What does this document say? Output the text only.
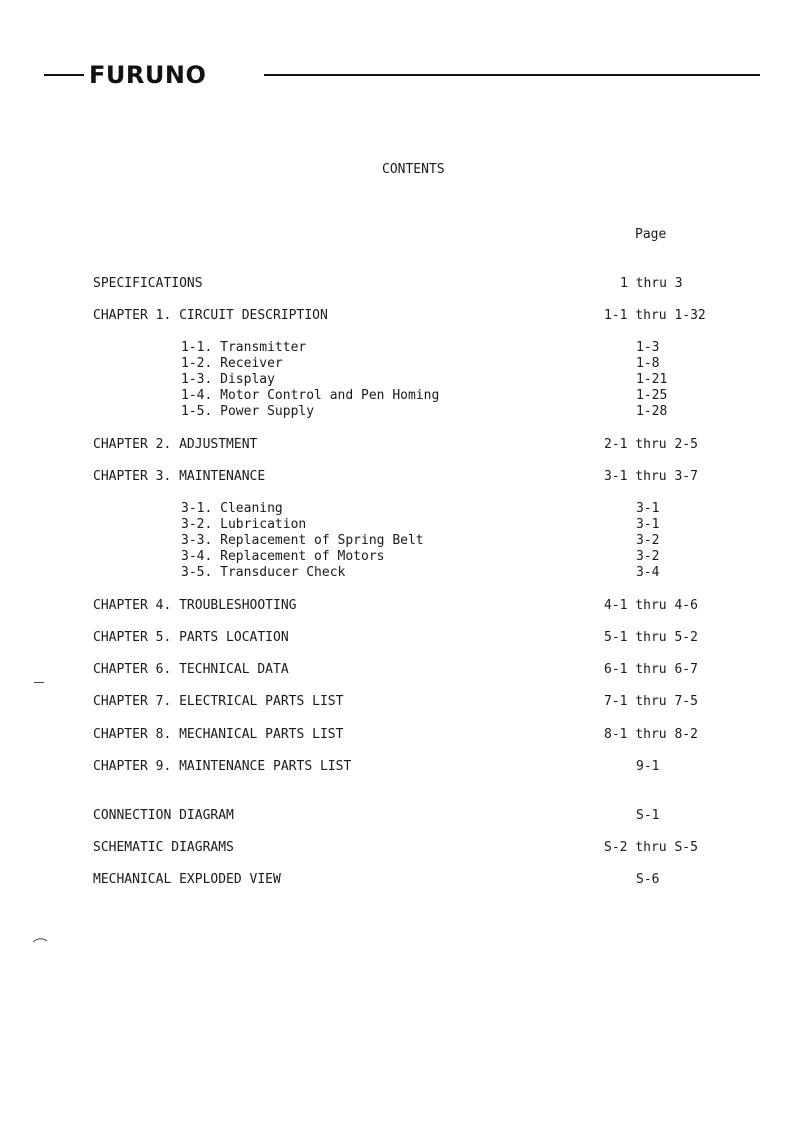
FURUNO
CONTENTS
Page
SPECIFICATIONS	1 thru 3
CHAPTER 1. CIRCUIT DESCRIPTION	1-1 thru 1-32
1-1. Transmitter	1-3
1-2. Receiver	1-8
1-3. Display	1-21
1-4. Motor Control and Pen Homing	1-25
1-5. Power Supply	1-28
CHAPTER 2. ADJUSTMENT	2-1 thru 2-5
CHAPTER 3. MAINTENANCE	3-1 thru 3-7
3-1. Cleaning	3-1
3-2. Lubrication	3-1
3-3. Replacement of Spring Belt	3-2
3-4. Replacement of Motors	3-2
3-5. Transducer Check	3-4
CHAPTER 4. TROUBLESHOOTING	4-1 thru 4-6
CHAPTER 5. PARTS LOCATION	5-1 thru 5-2
CHAPTER 6. TECHNICAL DATA	6-1 thru 6-7
CHAPTER 7. ELECTRICAL PARTS LIST	7-1 thru 7-5
CHAPTER 8. MECHANICAL PARTS LIST	8-1 thru 8-2
CHAPTER 9. MAINTENANCE PARTS LIST	9-1
CONNECTION DIAGRAM	S-1
SCHEMATIC DIAGRAMS	S-2 thru S-5
MECHANICAL EXPLODED VIEW	S-6
